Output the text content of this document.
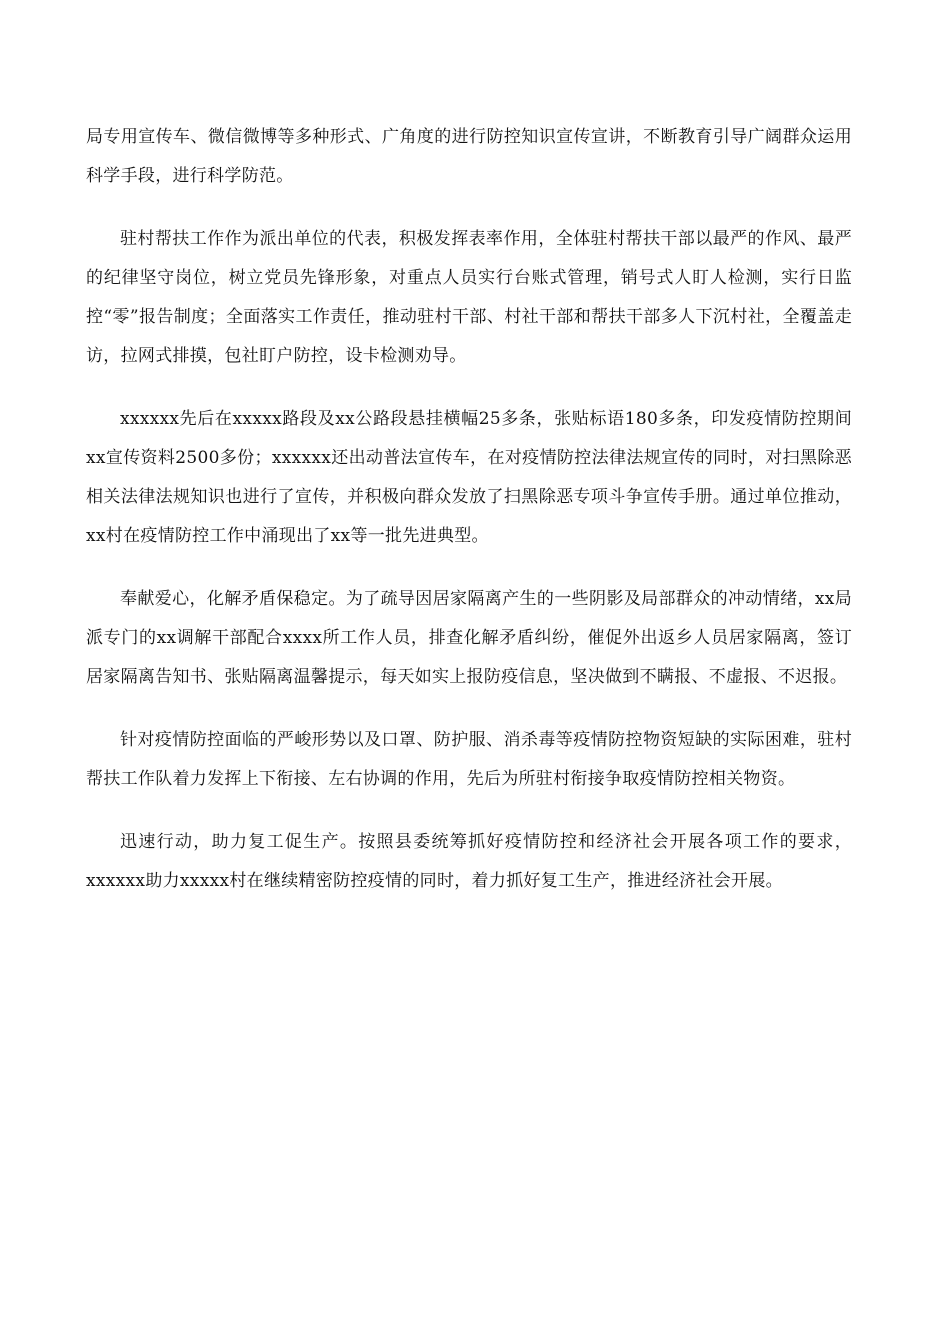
局专用宣传车、微信微博等多种形式、广角度的进行防控知识宣传宣讲，不断教育引导广阔群众运用科学手段，进行科学防范。

驻村帮扶工作作为派出单位的代表，积极发挥表率作用，全体驻村帮扶干部以最严的作风、最严的纪律坚守岗位，树立党员先锋形象，对重点人员实行台账式管理，销号式人盯人检测，实行日监控“零”报告制度；全面落实工作责任，推动驻村干部、村社干部和帮扶干部多人下沉村社，全覆盖走访，拉网式排摸，包社盯户防控，设卡检测劝导。

xxxxxx先后在xxxxx路段及xx公路段悬挂横幅25多条，张贴标语180多条，印发疫情防控期间xx宣传资料2500多份；xxxxxx还出动普法宣传车，在对疫情防控法律法规宣传的同时，对扫黑除恶相关法律法规知识也进行了宣传，并积极向群众发放了扫黑除恶专项斗争宣传手册。通过单位推动，xx村在疫情防控工作中涌现出了xx等一批先进典型。

奉献爱心，化解矛盾保稳定。为了疏导因居家隔离产生的一些阴影及局部群众的冲动情绪，xx局派专门的xx调解干部配合xxxx所工作人员，排查化解矛盾纠纷，催促外出返乡人员居家隔离，签订居家隔离告知书、张贴隔离温馨提示，每天如实上报防疫信息，坚决做到不瞒报、不虚报、不迟报。

针对疫情防控面临的严峻形势以及口罩、防护服、消杀毒等疫情防控物资短缺的实际困难，驻村帮扶工作队着力发挥上下衔接、左右协调的作用，先后为所驻村衔接争取疫情防控相关物资。

迅速行动，助力复工促生产。按照县委统筹抓好疫情防控和经济社会开展各项工作的要求，xxxxxx助力xxxxx村在继续精密防控疫情的同时，着力抓好复工生产，推进经济社会开展。
